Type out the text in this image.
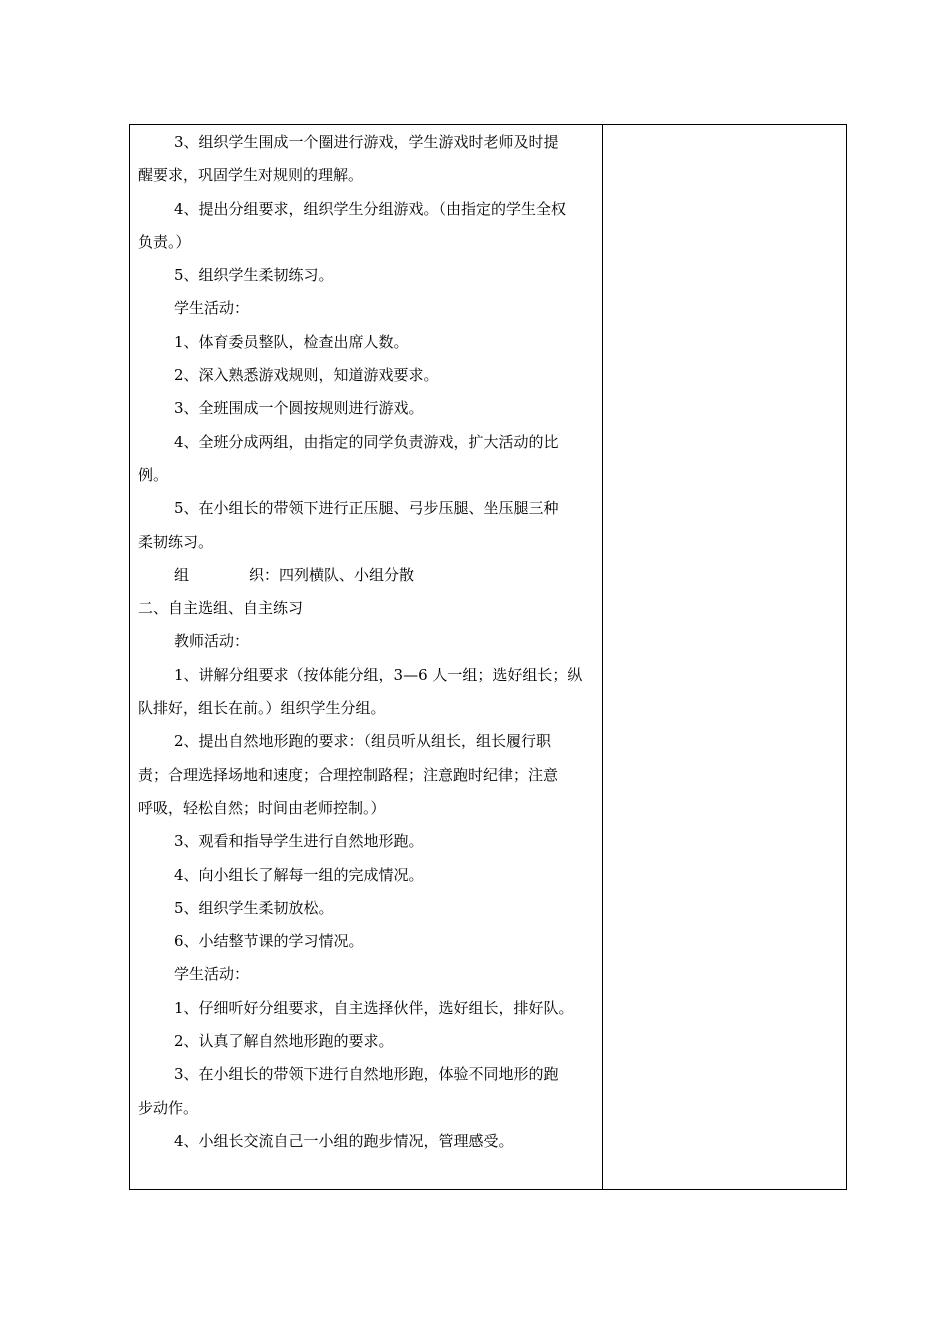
3、组织学生围成一个圈进行游戏，学生游戏时老师及时提
醒要求，巩固学生对规则的理解。
4、提出分组要求，组织学生分组游戏。（由指定的学生全权
负责。）
5、组织学生柔韧练习。
学生活动：
1、体育委员整队，检查出席人数。
2、深入熟悉游戏规则，知道游戏要求。
3、全班围成一个圆按规则进行游戏。
4、全班分成两组，由指定的同学负责游戏，扩大活动的比
例。
5、在小组长的带领下进行正压腿、弓步压腿、坐压腿三种
柔韧练习。
组	织：四列横队、小组分散
二、自主选组、自主练习
教师活动：
1、讲解分组要求（按体能分组，3—6 人一组；选好组长；纵
队排好，组长在前。）组织学生分组。
2、提出自然地形跑的要求：（组员听从组长，组长履行职
责；合理选择场地和速度；合理控制路程；注意跑时纪律；注意
呼吸，轻松自然；时间由老师控制。）
3、观看和指导学生进行自然地形跑。
4、向小组长了解每一组的完成情况。
5、组织学生柔韧放松。
6、小结整节课的学习情况。
学生活动：
1、仔细听好分组要求，自主选择伙伴，选好组长，排好队。
2、认真了解自然地形跑的要求。
3、在小组长的带领下进行自然地形跑，体验不同地形的跑
步动作。
4、小组长交流自己一小组的跑步情况，管理感受。
